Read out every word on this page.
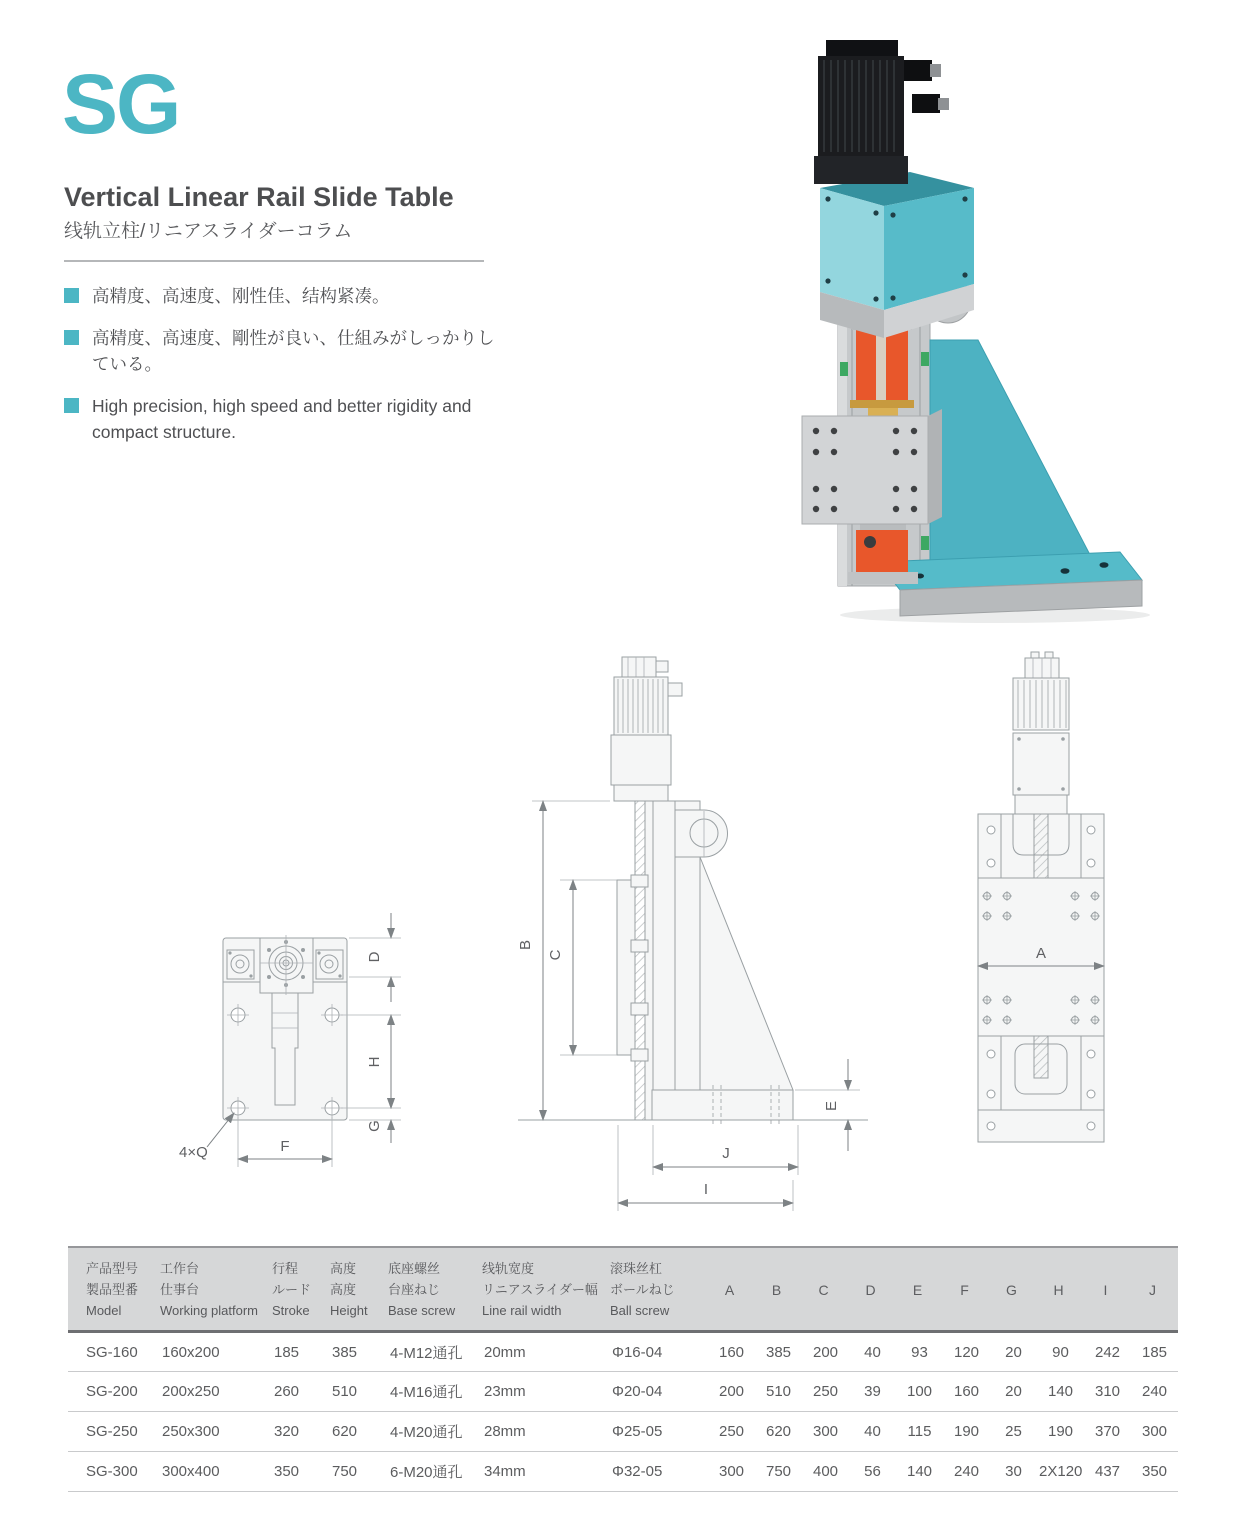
SG
Vertical Linear Rail Slide Table
线轨立柱/リニアスライダーコラム
高精度、高速度、刚性佳、结构紧凑。
高精度、高速度、剛性が良い、仕組みがしっかりしている。
High precision, high speed and better rigidity and compact structure.
D
H
G
F
4×Q
B
C
E
J
I
A
产品型号
製品型番
Model	工作台
仕事台
Working platform	行程
ルード
Stroke	高度
高度
Height	底座螺丝
台座ねじ
Base screw	线轨宽度
リニアスライダー幅
Line rail width	滚珠丝杠
ボールねじ
Ball screw	A	B	C	D	E	F	G	H	I	J
SG-160	160x200	185	385	4-M12通孔	20mm	Φ16-04	160	385	200	40	93	120	20	90	242	185
SG-200	200x250	260	510	4-M16通孔	23mm	Φ20-04	200	510	250	39	100	160	20	140	310	240
SG-250	250x300	320	620	4-M20通孔	28mm	Φ25-05	250	620	300	40	115	190	25	190	370	300
SG-300	300x400	350	750	6-M20通孔	34mm	Φ32-05	300	750	400	56	140	240	30	2X120	437	350
